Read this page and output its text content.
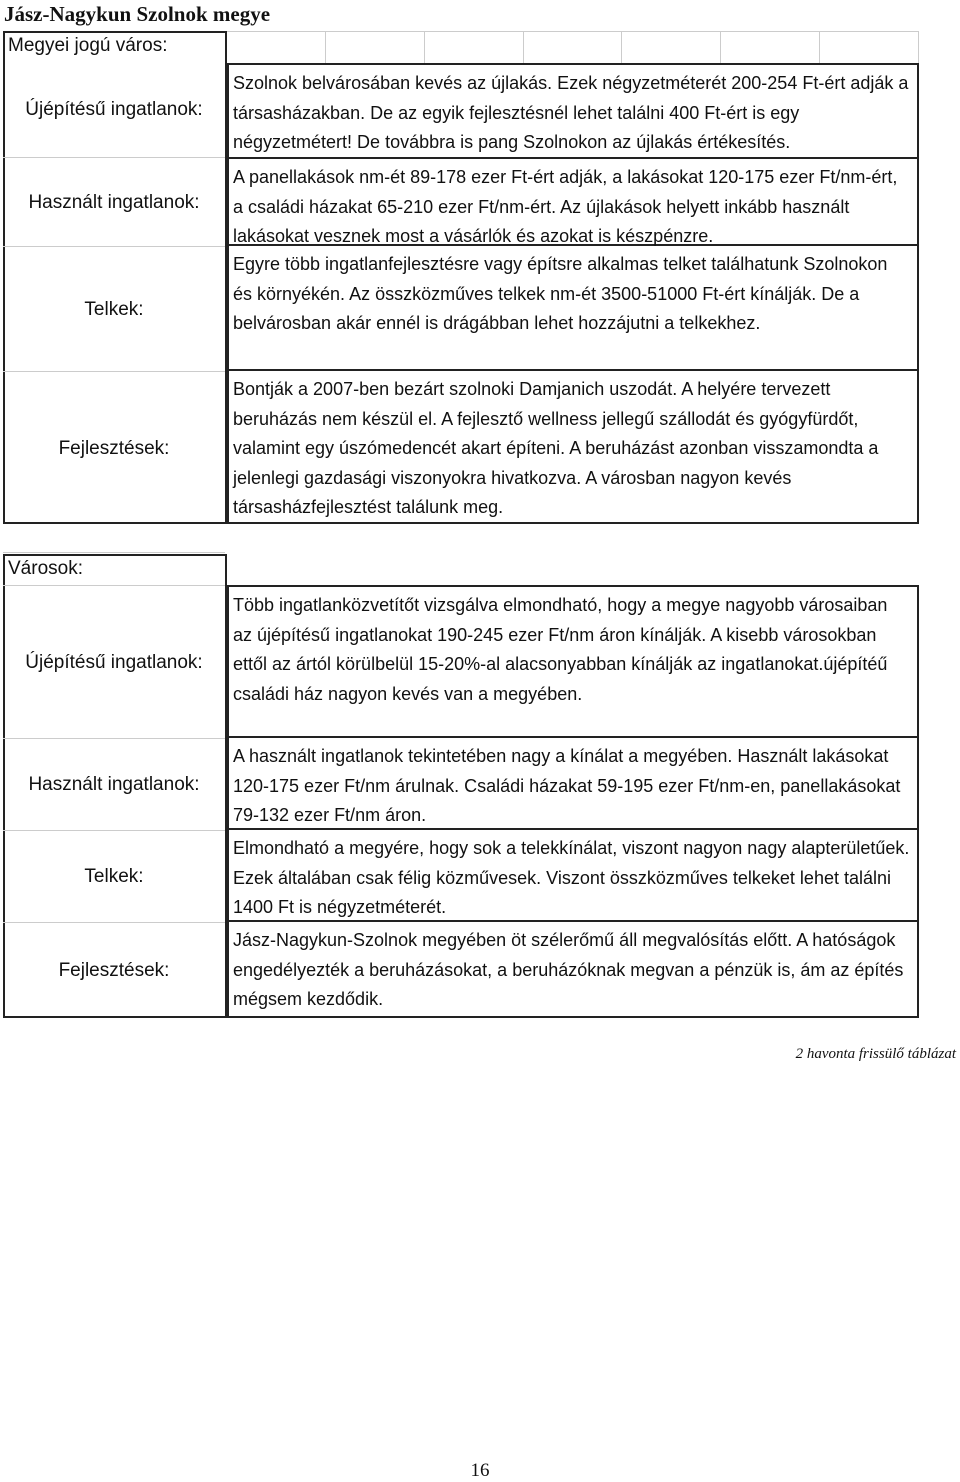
Jász-Nagykun Szolnok megye
Megyei jogú város:
Újépítésű ingatlanok:
Szolnok belvárosában kevés az újlakás. Ezek négyzetméterét 200-254 Ft-ért adják a társasházakban. De az egyik fejlesztésnél lehet találni 400 Ft-ért is egy négyzetmétert! De továbbra is pang Szolnokon az újlakás értékesítés.
Használt ingatlanok:
A panellakások nm-ét 89-178 ezer Ft-ért adják, a lakásokat 120-175 ezer Ft/nm-ért, a családi házakat 65-210 ezer Ft/nm-ért. Az újlakások helyett inkább használt lakásokat vesznek most a vásárlók és azokat is készpénzre.
Telkek:
Egyre több ingatlanfejlesztésre vagy építsre alkalmas telket találhatunk Szolnokon és környékén. Az összközműves telkek nm-ét 3500-51000 Ft-ért kínálják. De a belvárosban akár ennél is drágábban lehet hozzájutni a telkekhez.
Fejlesztések:
Bontják a 2007-ben bezárt szolnoki Damjanich uszodát. A helyére tervezett beruházás nem készül el. A fejlesztő wellness jellegű szállodát és gyógyfürdőt, valamint egy úszómedencét akart építeni. A beruházást azonban visszamondta a jelenlegi gazdasági viszonyokra hivatkozva. A városban nagyon kevés társasházfejlesztést találunk meg.
Városok:
Újépítésű ingatlanok:
Több ingatlanközvetítőt vizsgálva elmondható, hogy a megye nagyobb városaiban az újépítésű ingatlanokat 190-245 ezer Ft/nm áron kínálják. A kisebb városokban ettől az ártól körülbelül 15-20%-al alacsonyabban kínálják az ingatlanokat.újépítéű családi ház nagyon kevés van a megyében.
Használt ingatlanok:
A használt ingatlanok tekintetében nagy a kínálat a megyében. Használt lakásokat 120-175 ezer Ft/nm árulnak. Családi házakat 59-195 ezer Ft/nm-en, panellakásokat 79-132 ezer Ft/nm áron.
Telkek:
Elmondható a megyére, hogy sok a telekkínálat, viszont nagyon nagy alapterületűek. Ezek általában csak félig közművesek. Viszont összközműves telkeket lehet találni 1400 Ft is négyzetméterét.
Fejlesztések:
Jász-Nagykun-Szolnok megyében öt szélerőmű áll megvalósítás előtt. A hatóságok engedélyezték a beruházásokat, a beruházóknak megvan a pénzük is, ám az építés mégsem kezdődik.
2 havonta frissülő táblázat
16
